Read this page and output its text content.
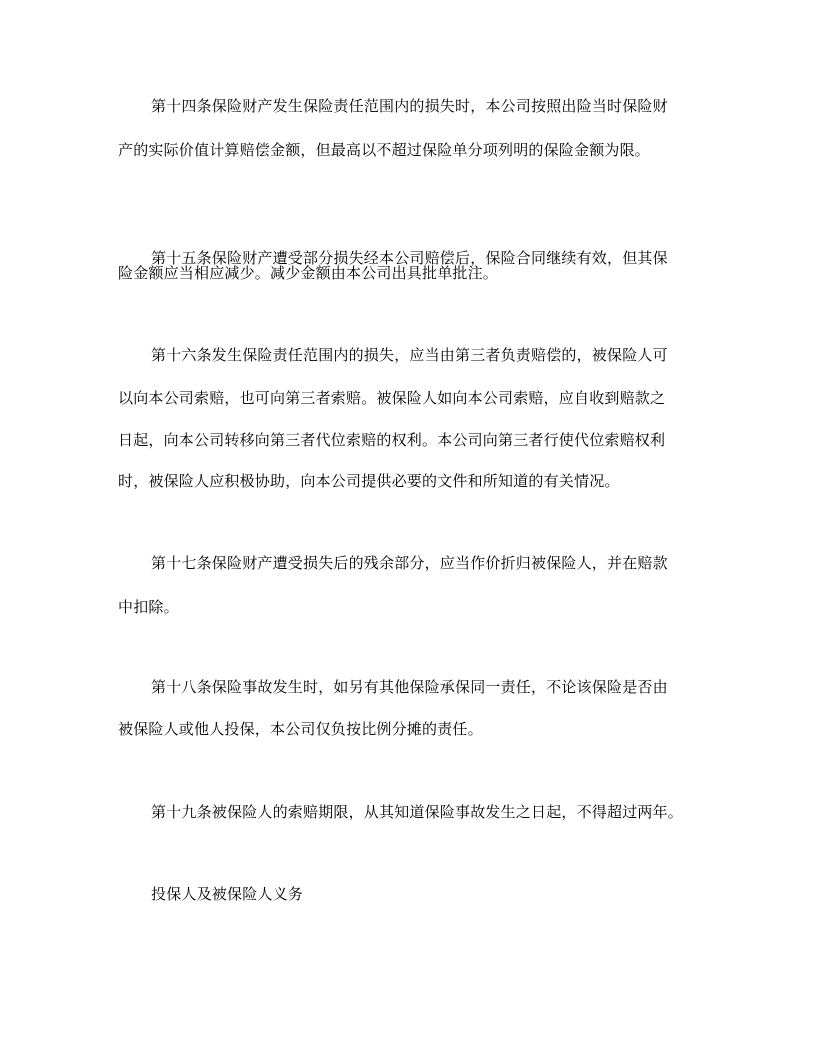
第十四条保险财产发生保险责任范围内的损失时，本公司按照出险当时保险财
产的实际价值计算赔偿金额，但最高以不超过保险单分项列明的保险金额为限。
第十五条保险财产遭受部分损失经本公司赔偿后，保险合同继续有效，但其保
险金额应当相应减少。减少金额由本公司出具批单批注。
第十六条发生保险责任范围内的损失，应当由第三者负责赔偿的，被保险人可
以向本公司索赔，也可向第三者索赔。被保险人如向本公司索赔，应自收到赔款之
日起，向本公司转移向第三者代位索赔的权利。本公司向第三者行使代位索赔权利
时，被保险人应积极协助，向本公司提供必要的文件和所知道的有关情况。
第十七条保险财产遭受损失后的残余部分，应当作价折归被保险人，并在赔款
中扣除。
第十八条保险事故发生时，如另有其他保险承保同一责任，不论该保险是否由
被保险人或他人投保，本公司仅负按比例分摊的责任。
第十九条被保险人的索赔期限，从其知道保险事故发生之日起，不得超过两年。
投保人及被保险人义务
